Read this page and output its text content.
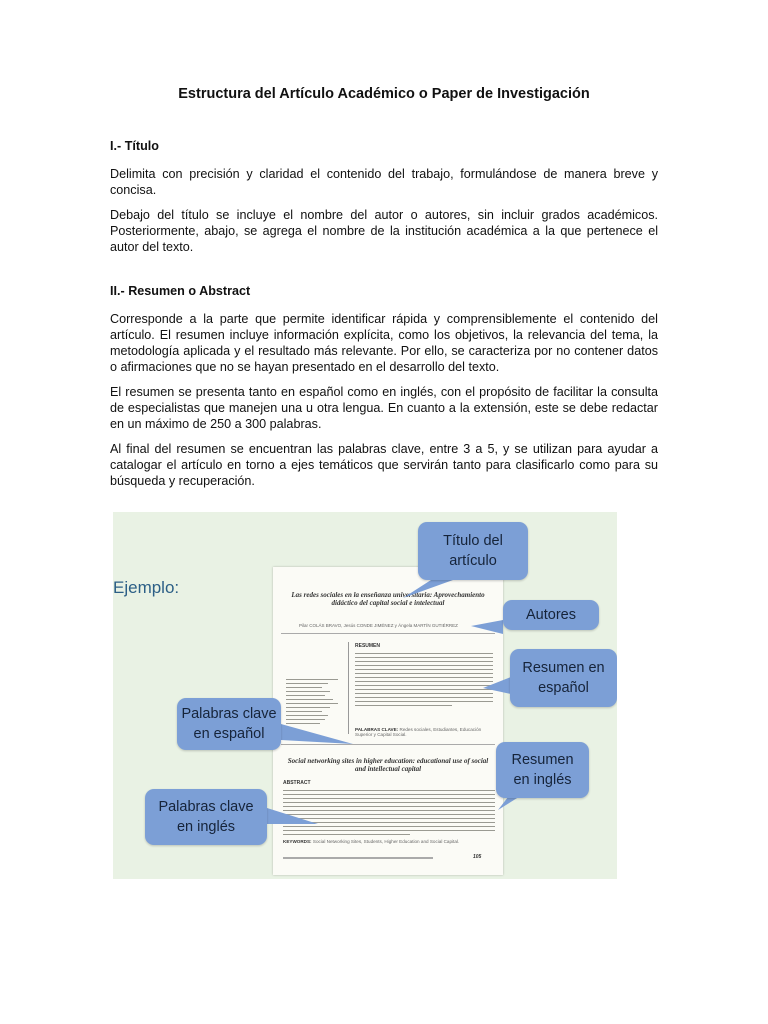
Estructura del Artículo Académico o Paper de Investigación
I.- Título

Delimita con precisión y claridad el contenido del trabajo, formulándose de manera breve y concisa.

Debajo del título se incluye el nombre del autor o autores, sin incluir grados académicos. Posteriormente, abajo, se agrega el nombre de la institución académica a la que pertenece el autor del texto.

II.- Resumen o Abstract

Corresponde a la parte que permite identificar rápida y comprensiblemente el contenido del artículo. El resumen incluye información explícita, como los objetivos, la relevancia del tema, la metodología aplicada y el resultado más relevante. Por ello, se caracteriza por no contener datos o afirmaciones que no se hayan presentado en el desarrollo del texto.

El resumen se presenta tanto en español como en inglés, con el propósito de facilitar la consulta de especialistas que manejen una u otra lengua. En cuanto a la extensión, este se debe redactar en un máximo de 250 a 300 palabras.

Al final del resumen se encuentran las palabras clave, entre 3 a 5, y se utilizan para ayudar a catalogar el artículo en torno a ejes temáticos que servirán tanto para clasificarlo como para su búsqueda y recuperación.

Ejemplo:	Las redes sociales en la enseñanza universitaria: Aprovechamiento didáctico del capital social e intelectual
Pilar COLÁS BRAVO, Jesús CONDE JIMÉNEZ y Ángela MARTÍN GUTIÉRREZ
RESUMEN
PALABRAS CLAVE: Redes sociales, Estudiantes, Educación Superior y Capital Social.
Social networking sites in higher education: educational use of social and intellectual capital
ABSTRACT
KEYWORDS: Social Networking Sites, Students, Higher Education and Social Capital.
105
Título del
artículo
Autores
Resumen en
español
Palabras clave
en español
Resumen
en inglés
Palabras clave
en inglés
